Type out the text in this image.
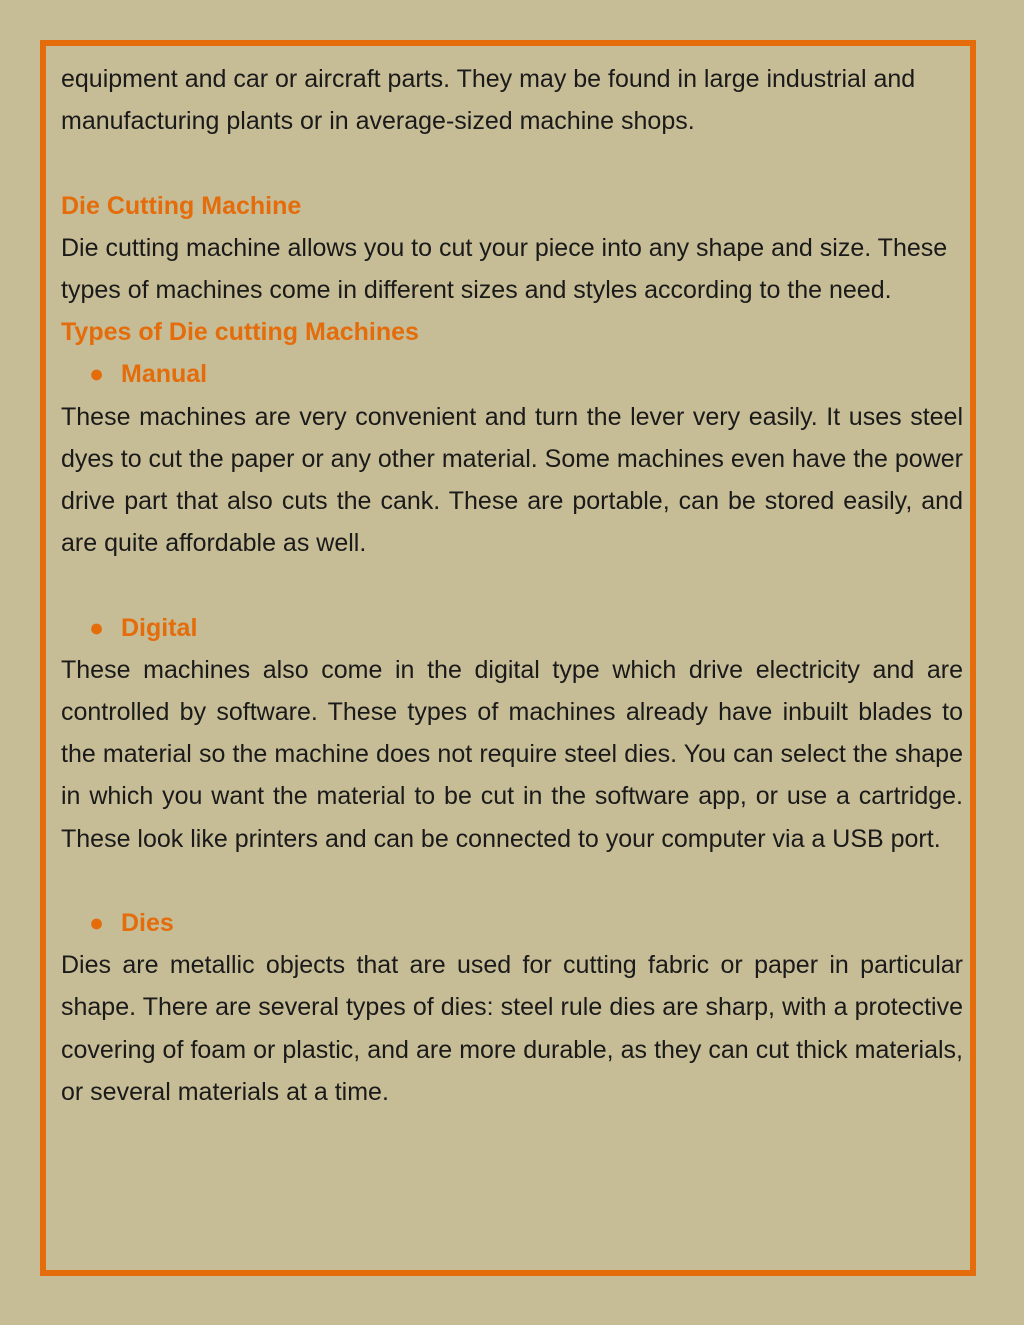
equipment and car or aircraft parts. They may be found in large industrial and manufacturing plants or in average-sized machine shops.

Die Cutting Machine

Die cutting machine allows you to cut your piece into any shape and size. These types of machines come in different sizes and styles according to the need.

Types of Die cutting Machines
● Manual

These machines are very convenient and turn the lever very easily. It uses steel dyes to cut the paper or any other material. Some machines even have the power drive part that also cuts the cank. These are portable, can be stored easily, and are quite affordable as well.

● Digital

These machines also come in the digital type which drive electricity and are controlled by software. These types of machines already have inbuilt blades to the material so the machine does not require steel dies. You can select the shape in which you want the material to be cut in the software app, or use a cartridge. These look like printers and can be connected to your computer via a USB port.

● Dies

Dies are metallic objects that are used for cutting fabric or paper in particular shape. There are several types of dies: steel rule dies are sharp, with a protective covering of foam or plastic, and are more durable, as they can cut thick materials, or several materials at a time.
